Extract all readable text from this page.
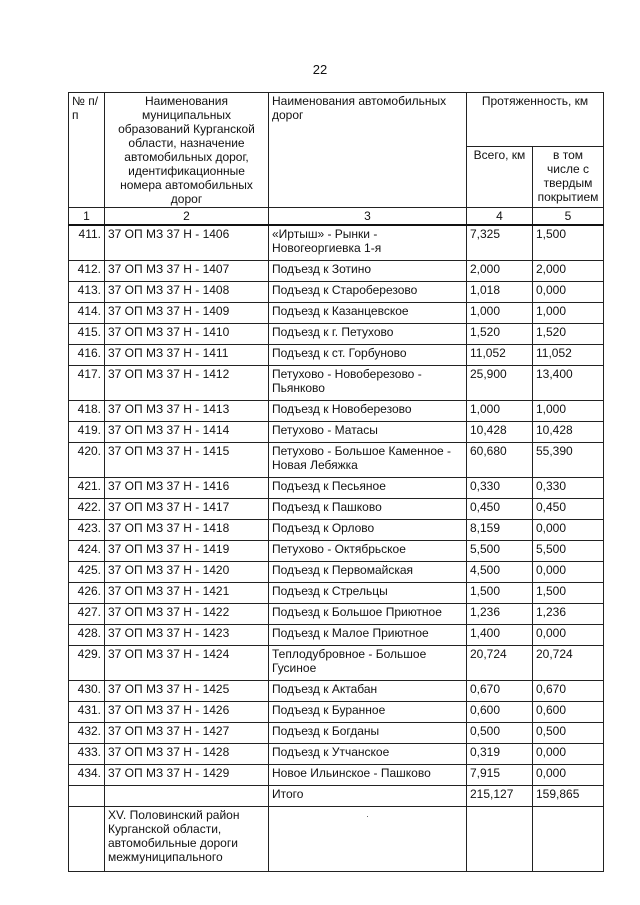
22
№ п/п	Наименования муниципальных образований Курганской области, назначение автомобильных дорог, идентификационные номера автомобильных дорог	Наименования автомобильных дорог	Протяженность, км	
			Всего, км	в том числе с твердым покрытием
1	2	3	4	5
411.	37 ОП МЗ 37 Н - 1406	«Иртыш» - Рынки - Новогеоргиевка 1-я	7,325	1,500
412.	37 ОП МЗ 37 Н - 1407	Подъезд к Зотино	2,000	2,000
413.	37 ОП МЗ 37 Н - 1408	Подъезд к Староберезово	1,018	0,000
414.	37 ОП МЗ 37 Н - 1409	Подъезд к Казанцевское	1,000	1,000
415.	37 ОП МЗ 37 Н - 1410	Подъезд к г. Петухово	1,520	1,520
416.	37 ОП МЗ 37 Н - 1411	Подъезд к ст. Горбуново	11,052	11,052
417.	37 ОП МЗ 37 Н - 1412	Петухово - Новоберезово - Пьянково	25,900	13,400
418.	37 ОП МЗ 37 Н - 1413	Подъезд к Новоберезово	1,000	1,000
419.	37 ОП МЗ 37 Н - 1414	Петухово - Матасы	10,428	10,428
420.	37 ОП МЗ 37 Н - 1415	Петухово - Большое Каменное - Новая Лебяжка	60,680	55,390
421.	37 ОП МЗ 37 Н - 1416	Подъезд к Песьяное	0,330	0,330
422.	37 ОП МЗ 37 Н - 1417	Подъезд к Пашково	0,450	0,450
423.	37 ОП МЗ 37 Н - 1418	Подъезд к Орлово	8,159	0,000
424.	37 ОП МЗ 37 Н - 1419	Петухово - Октябрьское	5,500	5,500
425.	37 ОП МЗ 37 Н - 1420	Подъезд к Первомайская	4,500	0,000
426.	37 ОП МЗ 37 Н - 1421	Подъезд к Стрельцы	1,500	1,500
427.	37 ОП МЗ 37 Н - 1422	Подъезд к Большое Приютное	1,236	1,236
428.	37 ОП МЗ 37 Н - 1423	Подъезд к Малое Приютное	1,400	0,000
429.	37 ОП МЗ 37 Н - 1424	Теплодубровное - Большое Гусиное	20,724	20,724
430.	37 ОП МЗ 37 Н - 1425	Подъезд к Актабан	0,670	0,670
431.	37 ОП МЗ 37 Н - 1426	Подъезд к Буранное	0,600	0,600
432.	37 ОП МЗ 37 Н - 1427	Подъезд к Богданы	0,500	0,500
433.	37 ОП МЗ 37 Н - 1428	Подъезд к Утчанское	0,319	0,000
434.	37 ОП МЗ 37 Н - 1429	Новое Ильинское - Пашково	7,915	0,000
		Итого	215,127	159,865
	XV. Половинский район Курганской области, автомобильные дороги межмуниципального	·		
